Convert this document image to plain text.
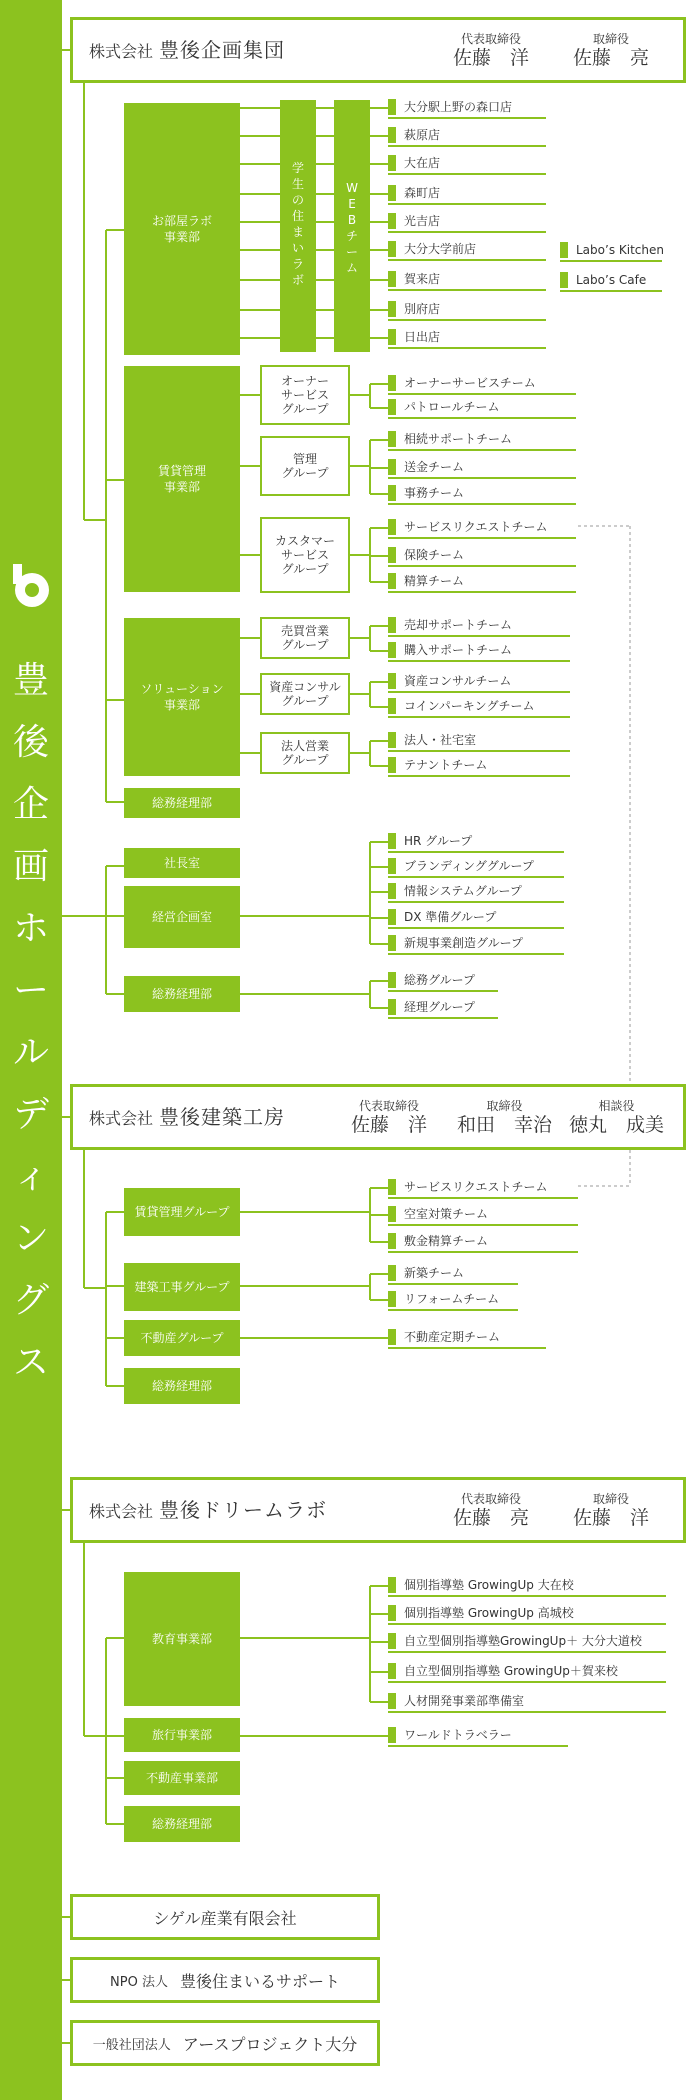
豊
後
企
画
ホ
ー
ル
デ
ィ
ン
グ
ス
株式会社 豊後企画集団	代表取締役
佐藤　洋
取締役
佐藤　亮
お部屋ラボ
事業部
学
生
の
住
ま
い
ラ
ボ
W
E
B
チ
ー
ム
大分駅上野の森口店
萩原店
大在店
森町店
光吉店
大分大学前店
賀来店
別府店
日出店
Labo’s Kitchen
Labo’s Cafe
賃貸管理
事業部
オーナー
サービス
グループ
管理
グループ
カスタマー
サービス
グループ
ソリューション
事業部
売買営業
グループ
資産コンサル
グループ
法人営業
グループ
総務経理部
社長室
経営企画室
総務経理部
オーナーサービスチーム
パトロールチーム
相続サポートチーム
送金チーム
事務チーム
サービスリクエストチーム
保険チーム
精算チーム
売却サポートチーム
購入サポートチーム
資産コンサルチーム
コインパーキングチーム
法人・社宅室
テナントチーム
HR グループ
ブランディンググループ
情報システムグループ
DX 準備グループ
新規事業創造グループ
総務グループ
経理グループ
株式会社 豊後建築工房	代表取締役
佐藤　洋
取締役
和田　幸治
相談役
徳丸　成美
賃貸管理グループ
建築工事グループ
不動産グループ
総務経理部
サービスリクエストチーム
空室対策チーム
敷金精算チーム
新築チーム
リフォームチーム
不動産定期チーム
株式会社 豊後ドリームラボ	代表取締役
佐藤　亮
取締役
佐藤　洋
教育事業部
旅行事業部
不動産事業部
総務経理部
個別指導塾 GrowingUp 大在校
個別指導塾 GrowingUp 高城校
自立型個別指導塾GrowingUp＋ 大分大道校
自立型個別指導塾 GrowingUp＋賀来校
人材開発事業部準備室
ワールドトラベラー
シゲル産業有限会社
NPO 法人 豊後住まいるサポート
一般社団法人 アースプロジェクト大分
